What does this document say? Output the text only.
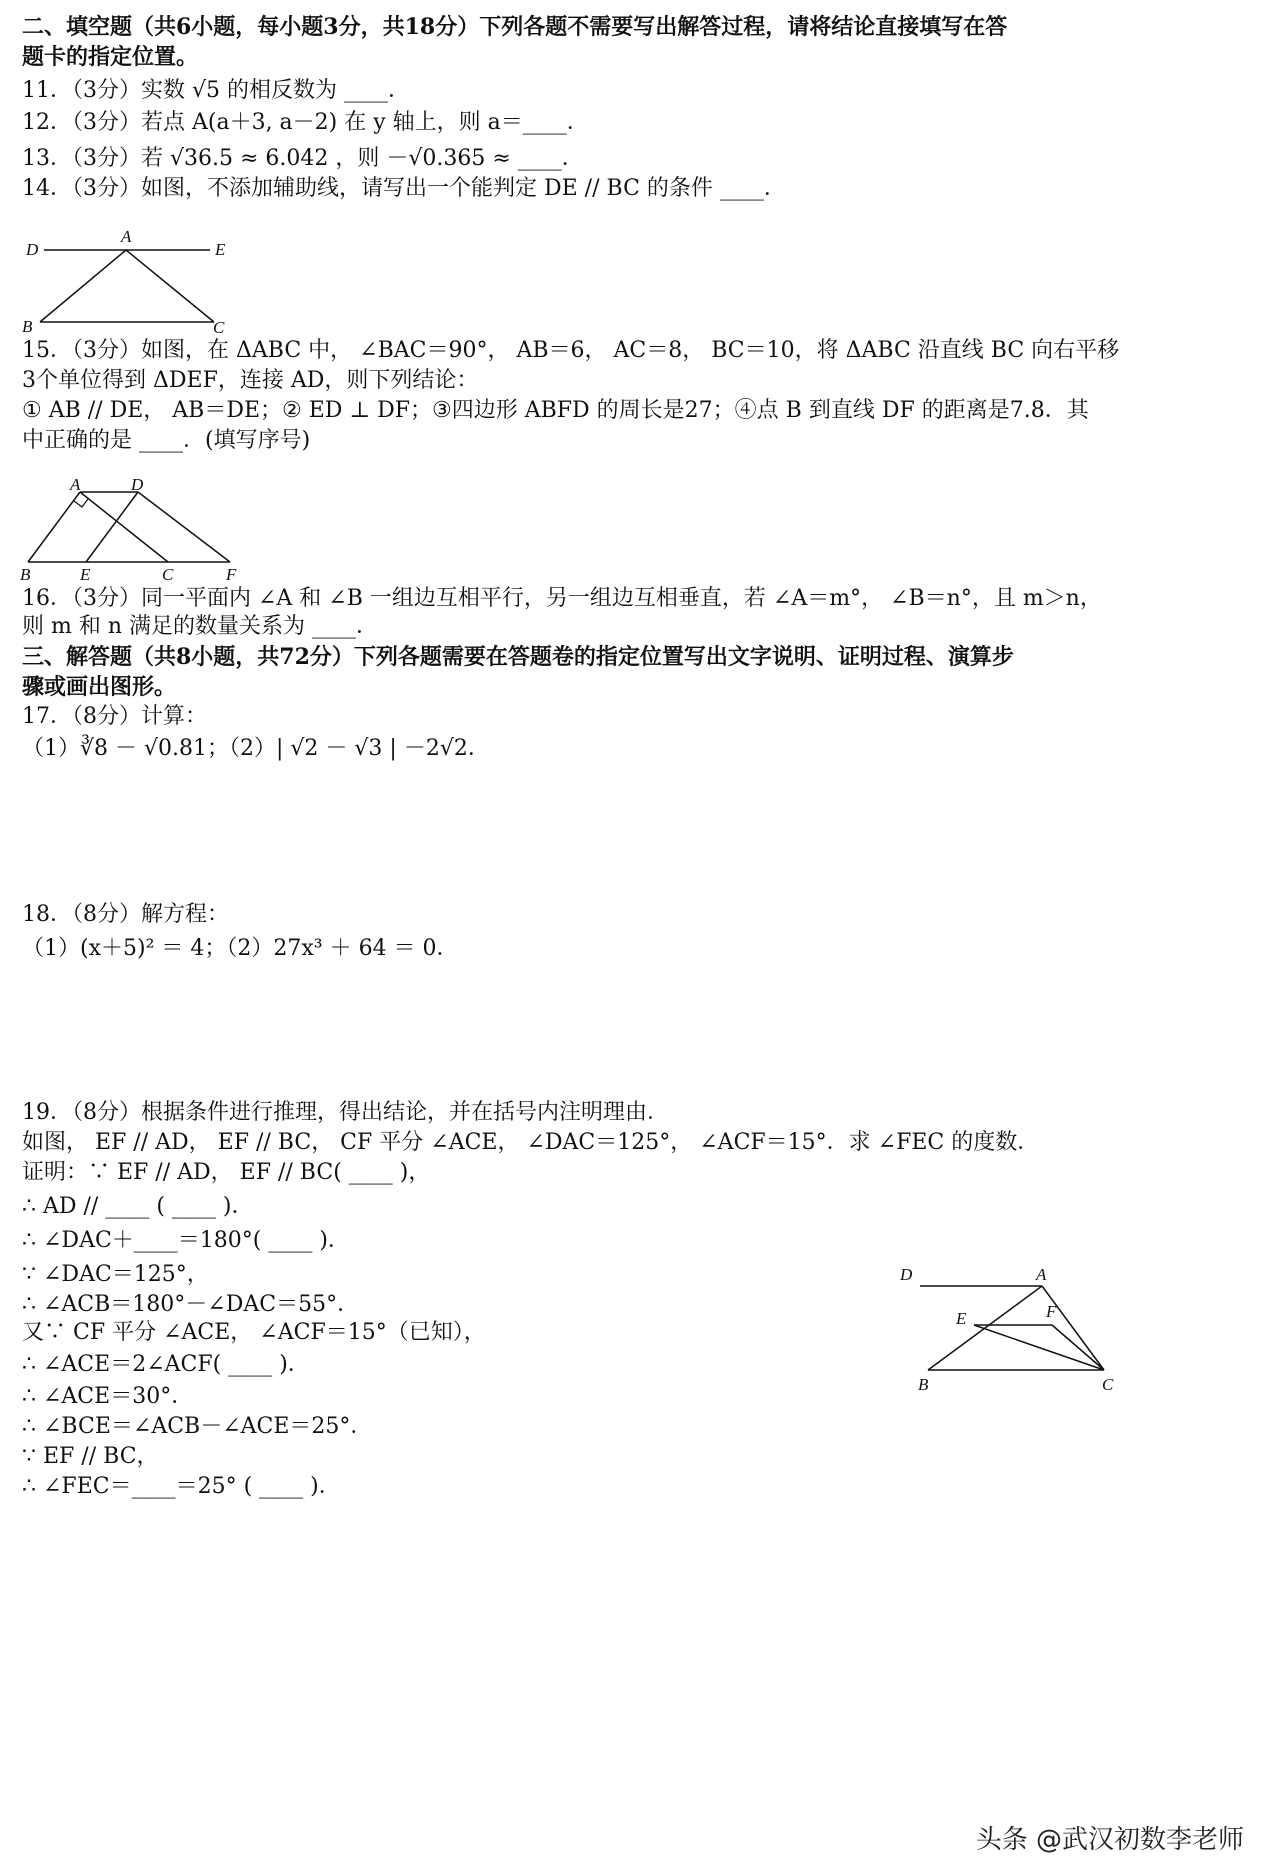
二、填空题（共6小题，每小题3分，共18分）下列各题不需要写出解答过程，请将结论直接填写在答
题卡的指定位置。
11．（3分）实数 √5 的相反数为 ____．
12．（3分）若点 A(a＋3, a－2) 在 y 轴上，则 a＝____．
13．（3分）若 √36.5 ≈ 6.042 ，则 －√0.365 ≈ ____．
14．（3分）如图，不添加辅助线，请写出一个能判定 DE // BC 的条件 ____．
D
A
E
B	C
15．（3分）如图，在 ΔABC 中， ∠BAC＝90°， AB＝6， AC＝8， BC＝10，将 ΔABC 沿直线 BC 向右平移
3个单位得到 ΔDEF，连接 AD，则下列结论：
① AB // DE， AB＝DE；② ED ⊥ DF；③四边形 ABFD 的周长是27；④点 B 到直线 DF 的距离是7.8．其
中正确的是 ____．(填写序号)
A	D
B	E	C	F
16．（3分）同一平面内 ∠A 和 ∠B 一组边互相平行，另一组边互相垂直，若 ∠A＝m°， ∠B＝n°，且 m＞n，
则 m 和 n 满足的数量关系为 ____．
三、解答题（共8小题，共72分）下列各题需要在答题卷的指定位置写出文字说明、证明过程、演算步
骤或画出图形。
17．（8分）计算：
（1）∛8 － √0.81；（2）| √2 － √3 | －2√2．
18．（8分）解方程：
（1）(x＋5)² ＝ 4；（2）27x³ ＋ 64 ＝ 0．
19．（8分）根据条件进行推理，得出结论，并在括号内注明理由．
如图， EF // AD， EF // BC， CF 平分 ∠ACE， ∠DAC＝125°， ∠ACF＝15°．求 ∠FEC 的度数．
证明：∵ EF // AD， EF // BC( ____ )，
∴ AD // ____ ( ____ )．
∴ ∠DAC＋____＝180°( ____ )．
∵ ∠DAC＝125°，
∴ ∠ACB＝180°－∠DAC＝55°．
又∵ CF 平分 ∠ACE， ∠ACF＝15°（已知），
∴ ∠ACE＝2∠ACF( ____ )．
∴ ∠ACE＝30°．
∴ ∠BCE＝∠ACB－∠ACE＝25°．
∵ EF // BC，
∴ ∠FEC＝____＝25° ( ____ )．
D	A
E	F
B	C
头条 @武汉初数李老师
